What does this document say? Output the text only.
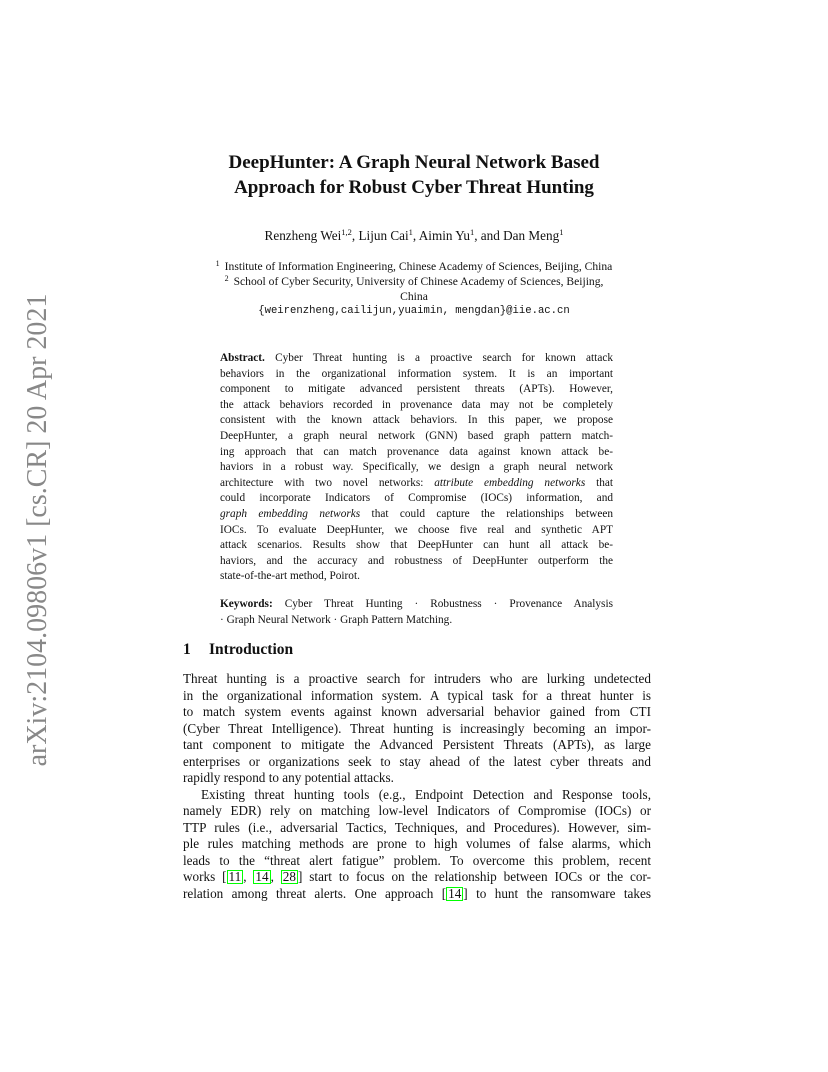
arXiv:2104.09806v1 [cs.CR] 20 Apr 2021
DeepHunter: A Graph Neural Network Based
Approach for Robust Cyber Threat Hunting
Renzheng Wei$^{1,2}$, Lijun Cai$^1$, Aimin Yu$^1$, and Dan Meng$^1$
$^1$ Institute of Information Engineering, Chinese Academy of Sciences, Beijing, China
$^2$ School of Cyber Security, University of Chinese Academy of Sciences, Beijing,
China
{weirenzheng,cailijun,yuaimin, mengdan}@iie.ac.cn
Abstract. Cyber Threat hunting is a proactive search for known attack
behaviors in the organizational information system. It is an important
component to mitigate advanced persistent threats (APTs). However,
the attack behaviors recorded in provenance data may not be completely
consistent with the known attack behaviors. In this paper, we propose
DeepHunter, a graph neural network (GNN) based graph pattern match-
ing approach that can match provenance data against known attack be-
haviors in a robust way. Specifically, we design a graph neural network
architecture with two novel networks: attribute embedding networks that
could incorporate Indicators of Compromise (IOCs) information, and
graph embedding networks that could capture the relationships between
IOCs. To evaluate DeepHunter, we choose five real and synthetic APT
attack scenarios. Results show that DeepHunter can hunt all attack be-
haviors, and the accuracy and robustness of DeepHunter outperform the
state-of-the-art method, Poirot.
Keywords: Cyber Threat Hunting · Robustness · Provenance Analysis
· Graph Neural Network · Graph Pattern Matching.
1 Introduction
Threat hunting is a proactive search for intruders who are lurking undetected
in the organizational information system. A typical task for a threat hunter is
to match system events against known adversarial behavior gained from CTI
(Cyber Threat Intelligence). Threat hunting is increasingly becoming an impor-
tant component to mitigate the Advanced Persistent Threats (APTs), as large
enterprises or organizations seek to stay ahead of the latest cyber threats and
rapidly respond to any potential attacks.
Existing threat hunting tools (e.g., Endpoint Detection and Response tools,
namely EDR) rely on matching low-level Indicators of Compromise (IOCs) or
TTP rules (i.e., adversarial Tactics, Techniques, and Procedures). However, sim-
ple rules matching methods are prone to high volumes of false alarms, which
leads to the “threat alert fatigue” problem. To overcome this problem, recent
works [ 11 , 14 , 28 ] start to focus on the relationship between IOCs or the cor-
relation among threat alerts. One approach [ 14 ] to hunt the ransomware takes
